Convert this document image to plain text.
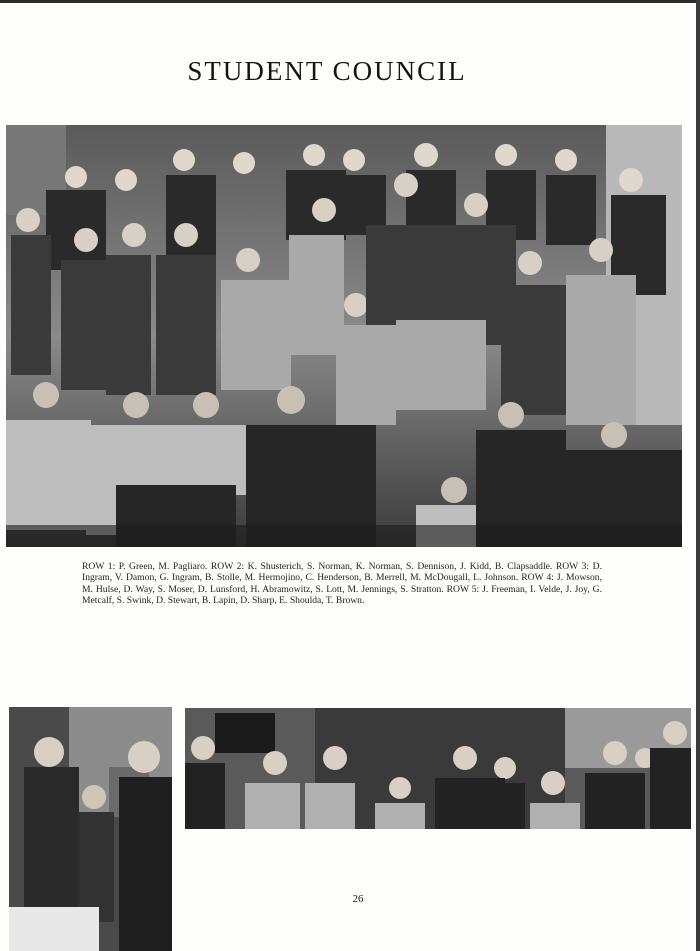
STUDENT COUNCIL
ROW 1: P. Green, M. Pagliaro. ROW 2: K. Shusterich, S. Norman, K. Norman, S. Dennison, J. Kidd, B. Clapsaddle. ROW 3: D. Ingram, V. Damon, G. Ingram, B. Stolle, M. Hermojino, C. Henderson, B. Merrell, M. McDougall, L. Johnson. ROW 4: J. Mowson, M. Hulse, D. Way, S. Moser, D. Lunsford, H. Abramowitz, S. Lott, M. Jennings, S. Stratton. ROW 5: J. Freeman, I. Velde, J. Joy, G. Metcalf, S. Swink, D. Stewart, B. Lapin, D. Sharp, E. Shoulda, T. Brown.
26
